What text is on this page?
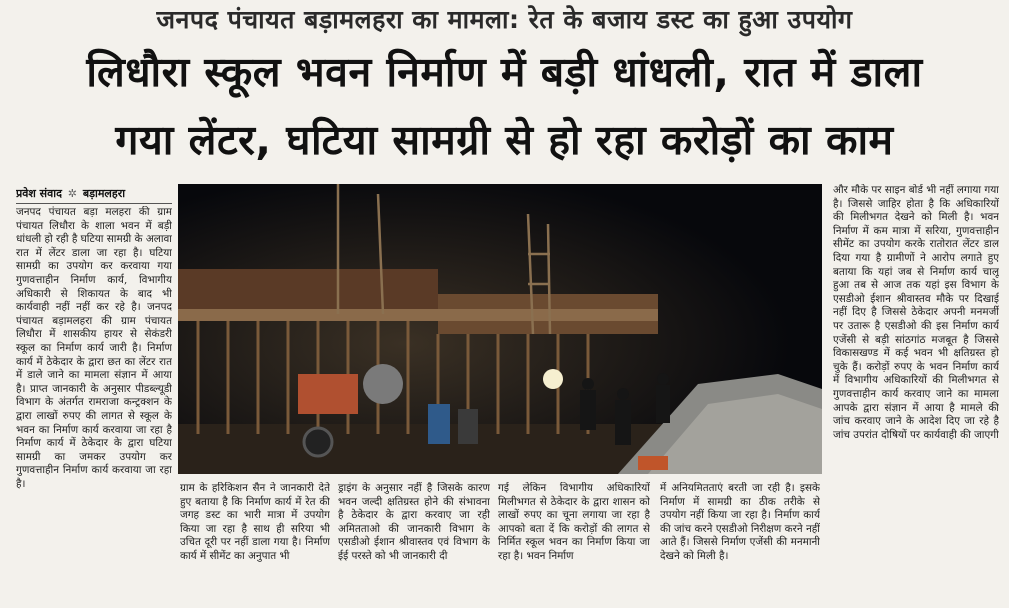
जनपद पंचायत बड़ामलहरा का मामला: रेत के बजाय डस्ट का हुआ उपयोग
लिधौरा स्कूल भवन निर्माण में बड़ी धांधली, रात में डाला
गया लेंटर, घटिया सामग्री से हो रहा करोड़ों का काम
प्रवेश संवाद ✲ बड़ामलहरा
जनपद पंचायत बड़ा मलहरा की ग्राम पंचायत लिधौरा के शाला भवन में बड़ी धांधली हो रही है घटिया सामग्री के अलावा रात में लेंटर डाला जा रहा है। घटिया सामग्री का उपयोग कर करवाया गया गुणवत्ताहीन निर्माण कार्य, विभागीय अधिकारी से शिकायत के बाद भी कार्यवाही नहीं नहीं कर रहे है। जनपद पंचायत बड़ामलहरा की ग्राम पंचायत लिधौरा में शासकीय हायर से सेकंडरी स्कूल का निर्माण कार्य जारी है। निर्माण कार्य में ठेकेदार के द्वारा छत का लेंटर रात में डाले जाने का मामला संज्ञान में आया है। प्राप्त जानकारी के अनुसार पीडब्ल्यूडी विभाग के अंतर्गत रामराजा कन्ट्रक्शन के द्वारा लाखों रुपए की लागत से स्कूल के भवन का निर्माण कार्य करवाया जा रहा है निर्माण कार्य में ठेकेदार के द्वारा घटिया सामग्री का जमकर उपयोग कर गुणवत्ताहीन निर्माण कार्य करवाया जा रहा है।	ग्राम के हरिकिशन सैन ने जानकारी देते हुए बताया है कि निर्माण कार्य में रेत की जगह डस्ट का भारी मात्रा में उपयोग किया जा रहा है साथ ही सरिया भी उचित दूरी पर नहीं डाला गया है। निर्माण कार्य में सीमेंट का अनुपात भी
ड्राइंग के अनुसार नहीं है जिसके कारण भवन जल्दी क्षतिग्रस्त होने की संभावना है ठेकेदार के द्वारा करवाए जा रही अमितताओ की जानकारी विभाग के एसडीओ ईशान श्रीवास्तव एवं विभाग के ईई परस्ते को भी जानकारी दी
गई लेकिन विभागीय अधिकारियों मिलीभगत से ठेकेदार के द्वारा शासन को लाखों रुपए का चूना लगाया जा रहा है आपको बता दें कि करोड़ों की लागत से निर्मित स्कूल भवन का निर्माण किया जा रहा है। भवन निर्माण
में अनियमितताएं बरती जा रही है। इसके निर्माण में सामग्री का ठीक तरीके से उपयोग नहीं किया जा रहा है। निर्माण कार्य की जांच करने एसडीओ निरीक्षण करने नहीं आते हैं। जिससे निर्माण एजेंसी की मनमानी देखने को मिली है।
और मौके पर साइन बोर्ड भी नहीं लगाया गया है। जिससे जाहिर होता है कि अधिकारियों की मिलीभगत देखने को मिली है। भवन निर्माण में कम मात्रा में सरिया, गुणवत्ताहीन सीमेंट का उपयोग करके रातोरात लेंटर डाल दिया गया है ग्रामीणों ने आरोप लगाते हुए बताया कि यहां जब से निर्माण कार्य चालू हुआ तब से आज तक यहां इस विभाग के एसडीओ ईशान श्रीवास्तव मौके पर दिखाई नहीं दिए है जिससे ठेकेदार अपनी मनमर्जी पर उतारू है एसडीओ की इस निर्माण कार्य एजेंसी से बड़ी सांठगांठ मजबूत है जिससे विकासखण्ड में कई भवन भी क्षतिग्रस्त हो चुके हैं। करोड़ों रुपए के भवन निर्माण कार्य में विभागीय अधिकारियों की मिलीभगत से गुणवत्ताहीन कार्य करवाए जाने का मामला आपके द्वारा संज्ञान में आया है मामले की जांच करवाए जाने के आदेश दिए जा रहे है जांच उपरांत दोषियों पर कार्यवाही की जाएगी
